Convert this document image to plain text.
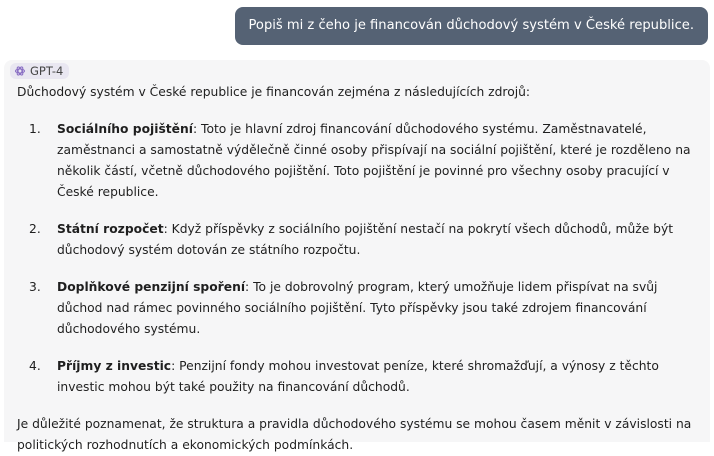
Popiš mi z čeho je financován důchodový systém v České republice.
GPT-4

Důchodový systém v České republice je financován zejména z následujících zdrojů:

1.	Sociálního pojištění: Toto je hlavní zdroj financování důchodového systému. Zaměstnavatelé, zaměstnanci a samostatně výdělečně činné osoby přispívají na sociální pojištění, které je rozděleno na několik částí, včetně důchodového pojištění. Toto pojištění je povinné pro všechny osoby pracující v České republice.
2.	Státní rozpočet: Když příspěvky z sociálního pojištění nestačí na pokrytí všech důchodů, může být důchodový systém dotován ze státního rozpočtu.
3.	Doplňkové penzijní spoření: To je dobrovolný program, který umožňuje lidem přispívat na svůj důchod nad rámec povinného sociálního pojištění. Tyto příspěvky jsou také zdrojem financování důchodového systému.
4.	Příjmy z investic: Penzijní fondy mohou investovat peníze, které shromažďují, a výnosy z těchto investic mohou být také použity na financování důchodů.

Je důležité poznamenat, že struktura a pravidla důchodového systému se mohou časem měnit v závislosti na politických rozhodnutích a ekonomických podmínkách.
